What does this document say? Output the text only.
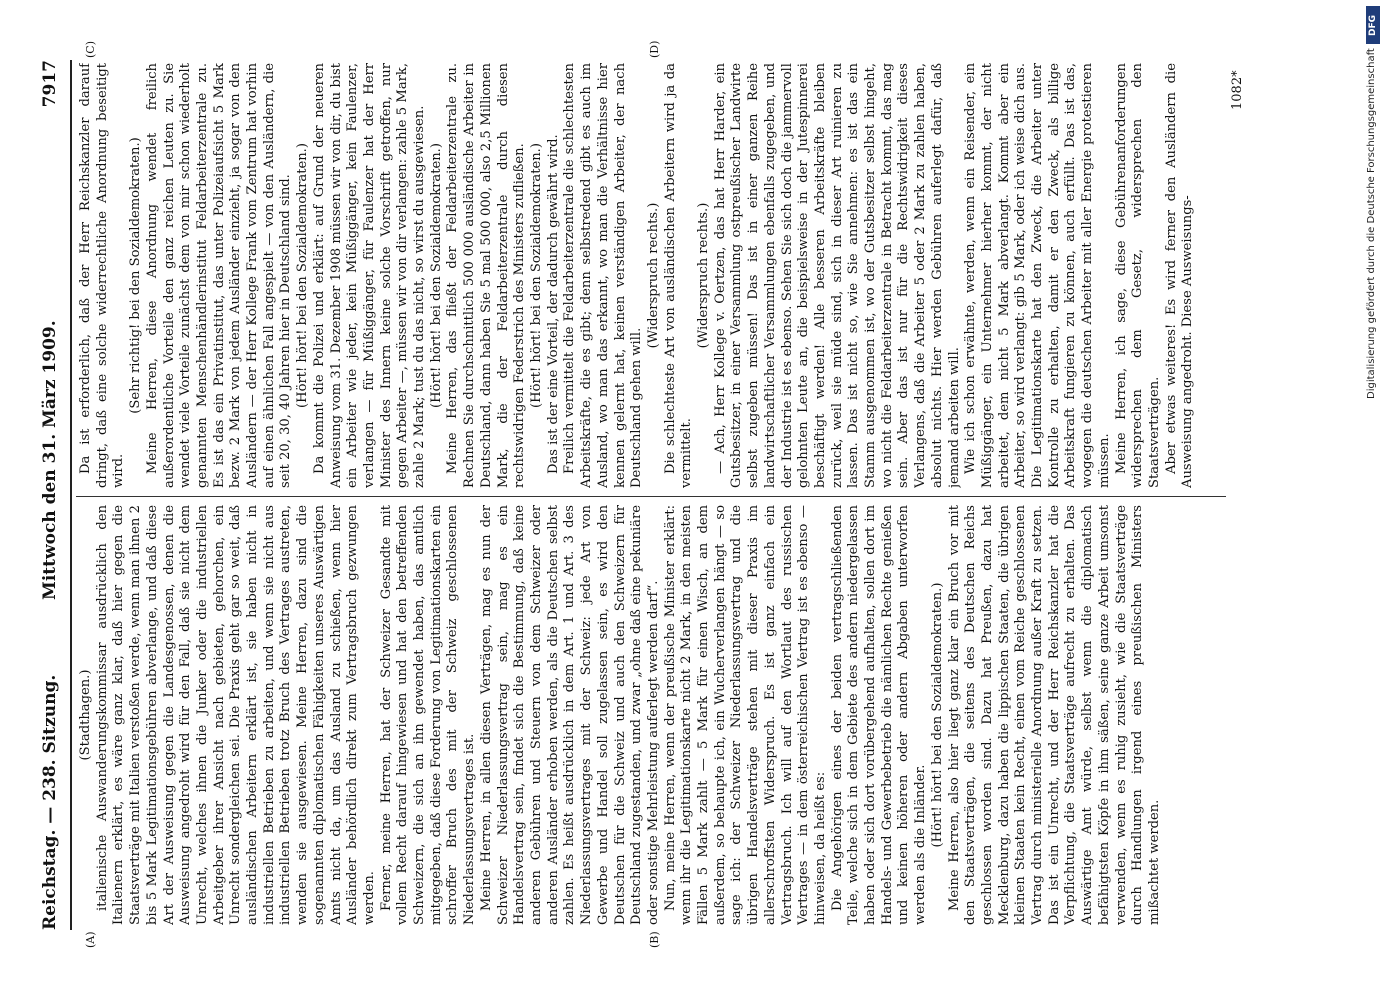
Reichstag. — 238. Sitzung.
Mittwoch den 31. März 1909.
7917
(A)	(B)
(C)	(D)

(Stadthagen.) italienische Auswanderungskommissar ausdrücklich den Italienern erklärt, es wäre ganz klar, daß hier gegen die Staatsverträge mit Italien verstoßen werde, wenn man ihnen 2 bis 5 Mark Legitimationsgebühren abverlange, und daß diese Art der Ausweisung gegen die Landesgenossen, denen die Ausweisung angedroht wird für den Fall, daß sie nicht dem Unrecht, welches ihnen die Junker oder die industriellen Arbeitgeber ihrer Ansicht nach gebieten, gehorchen, ein Unrecht sondergleichen sei. Die Praxis geht gar so weit, daß ausländischen Arbeitern erklärt ist, sie haben nicht in industriellen Betrieben zu arbeiten, und wenn sie nicht aus industriellen Betrieben trotz Bruch des Vertrages austreten, wenden sie ausgewiesen. Meine Herren, dazu sind die sogenannten diplomatischen Fähigkeiten unseres Auswärtigen Amts nicht da, um das Ausland zu schießen, wenn hier Ausländer behördlich direkt zum Vertragsbruch gezwungen werden. Ferner, meine Herren, hat der Schweizer Gesandte mit vollem Recht darauf hingewiesen und hat den betreffenden Schweizern, die sich an ihn gewendet haben, das amtlich mitgegeben, daß diese Forderung von Legitimationskarten ein schroffer Bruch des mit der Schweiz geschlossenen Niederlassungsvertrages ist. Meine Herren, in allen diesen Verträgen, mag es nun der Schweizer Niederlassungsvertrag sein, mag es ein Handelsvertrag sein, findet sich die Bestimmung, daß keine anderen Gebühren und Steuern von dem Schweizer oder anderen Ausländer erhoben werden, als die Deutschen selbst zahlen. Es heißt ausdrücklich in dem Art. 1 und Art. 3 des Niederlassungsvertrages mit der Schweiz: jede Art von Gewerbe und Handel soll zugelassen sein, es wird den Deutschen für die Schweiz und auch den Schweizern für Deutschland zugestanden, und zwar „ohne daß eine pekuniäre oder sonstige Mehrleistung auferlegt werden darf“. Nun, meine Herren, wenn der preußische Minister erklärt: wenn ihr die Legitimationskarte nicht 2 Mark, in den meisten Fällen 5 Mark zahlt — 5 Mark für einen Wisch, an dem außerdem, so behaupte ich, ein Wucherverlangen hängt — so sage ich: der Schweizer Niederlassungsvertrag und die übrigen Handelsverträge stehen mit dieser Praxis im allerschroffsten Widerspruch. Es ist ganz einfach ein Vertragsbruch. Ich will auf den Wortlaut des russischen Vertrages — in dem österreichischen Vertrag ist es ebenso — hinweisen, da heißt es: Die Angehörigen eines der beiden vertragschließenden Teile, welche sich in dem Gebiete des andern niedergelassen haben oder sich dort vorübergehend aufhalten, sollen dort im Handels- und Gewerbebetrieb die nämlichen Rechte genießen und keinen höheren oder andern Abgaben unterworfen werden als die Inländer. (Hört! hört! bei den Sozialdemokraten.) Meine Herren, also hier liegt ganz klar ein Bruch vor mit den Staatsverträgen, die seitens des Deutschen Reichs geschlossen worden sind. Dazu hat Preußen, dazu hat Mecklenburg, dazu haben die lippischen Staaten, die übrigen kleinen Staaten kein Recht, einen vom Reiche geschlossenen Vertrag durch ministerielle Anordnung außer Kraft zu setzen. Das ist ein Unrecht, und der Herr Reichskanzler hat die Verpflichtung, die Staatsverträge aufrecht zu erhalten. Das Auswärtige Amt würde, selbst wenn die diplomatisch befähigtsten Köpfe in ihm säßen, seine ganze Arbeit umsonst verwenden, wenn es ruhig zusieht, wie die Staatsverträge durch Handlungen irgend eines preußischen Ministers mißachtet werden.

Da ist erforderlich, daß der Herr Reichskanzler darauf dringt, daß eine solche widerrechtliche Anordnung beseitigt wird.

(Sehr richtig! bei den Sozialdemokraten.) Meine Herren, diese Anordnung wendet freilich außerordentliche Vorteile den ganz reichen Leuten zu. Sie wendet viele Vorteile zunächst dem von mir schon wiederholt genannten Menschenhändlerinstitut Feldarbeiterzentrale zu. Es ist das ein Privatinstitut, das unter Polizeiaufsicht 5 Mark bezw. 2 Mark von jedem Ausländer einzieht, ja sogar von den Ausländern — der Herr Kollege Frank vom Zentrum hat vorhin auf einen ähnlichen Fall angespielt — von den Ausländern, die seit 20, 30, 40 Jahren hier in Deutschland sind. (Hört! hört! bei den Sozialdemokraten.) Da kommt die Polizei und erklärt: auf Grund der neueren Anweisung vom 31. Dezember 1908 müssen wir von dir, du bist ein Arbeiter wie jeder, kein Müßiggänger, kein Faulenzer, verlangen — für Müßiggänger, für Faulenzer hat der Herr Minister des Innern keine solche Vorschrift getroffen, nur gegen Arbeiter —, müssen wir von dir verlangen: zahle 5 Mark, zahle 2 Mark; tust du das nicht, so wirst du ausgewiesen. (Hört! hört! bei den Sozialdemokraten.) Meine Herren, das fließt der Feldarbeiterzentrale zu. Rechnen Sie durchschnittlich 500 000 ausländische Arbeiter in Deutschland, dann haben Sie 5 mal 500 000, also 2,5 Millionen Mark, die der Feldarbeiterzentrale durch diesen rechtswidrigen Federstrich des Ministers zufließen. (Hört! hört! bei den Sozialdemokraten.) Das ist der eine Vorteil, der dadurch gewährt wird. Freilich vermittelt die Feldarbeiterzentrale die schlechtesten Arbeitskräfte, die es gibt; denn selbstredend gibt es auch im Ausland, wo man das erkannt, wo man die Verhältnisse hier kennen gelernt hat, keinen verständigen Arbeiter, der nach Deutschland gehen will.

(Widerspruch rechts.) Die schlechteste Art von ausländischen Arbeitern wird ja da vermittelt.

(Widerspruch rechts.) — Ach, Herr Kollege v. Oertzen, das hat Herr Harder, ein Gutsbesitzer, in einer Versammlung ostpreußischer Landwirte selbst zugeben müssen! Das ist in einer ganzen Reihe landwirtschaftlicher Versammlungen ebenfalls zugegeben, und der Industrie ist es ebenso. Sehen Sie sich doch die jammervoll gelohnten Leute an, die beispielsweise in der Jutespinnerei beschäftigt werden! Alle besseren Arbeitskräfte bleiben zurück, weil sie müde sind, sich in dieser Art ruinieren zu lassen. Das ist nicht so, wie Sie annehmen: es ist das ein Stamm ausgenommen ist, wo der Gutsbesitzer selbst hingeht, wo nicht die Feldarbeiterzentrale in Betracht kommt, das mag sein. Aber das ist nur für die Rechtswidrigkeit dieses Verlangens, daß die Arbeiter 5 oder 2 Mark zu zahlen haben, absolut nichts. Hier werden Gebühren auferlegt dafür, daß jemand arbeiten will. Wie ich schon erwähnte, werden, wenn ein Reisender, ein Müßiggänger, ein Unternehmer hierher kommt, der nicht arbeitet, dem nicht 5 Mark abverlangt. Kommt aber ein Arbeiter, so wird verlangt: gib 5 Mark, oder ich weise dich aus. Die Legitimationskarte hat den Zweck, die Arbeiter unter Kontrolle zu erhalten, damit er den Zweck, als billige Arbeitskraft fungieren zu können, auch erfüllt. Das ist das, wogegen die deutschen Arbeiter mit aller Energie protestieren müssen. Meine Herren, ich sage, diese Gebührenanforderungen widersprechen dem Gesetz, widersprechen den Staatsverträgen. Aber etwas weiteres! Es wird ferner den Ausländern die Ausweisung angedroht. Diese Ausweisungs-

1082*
DFG
Digitalisierung gefördert durch die Deutsche Forschungsgemeinschaft
